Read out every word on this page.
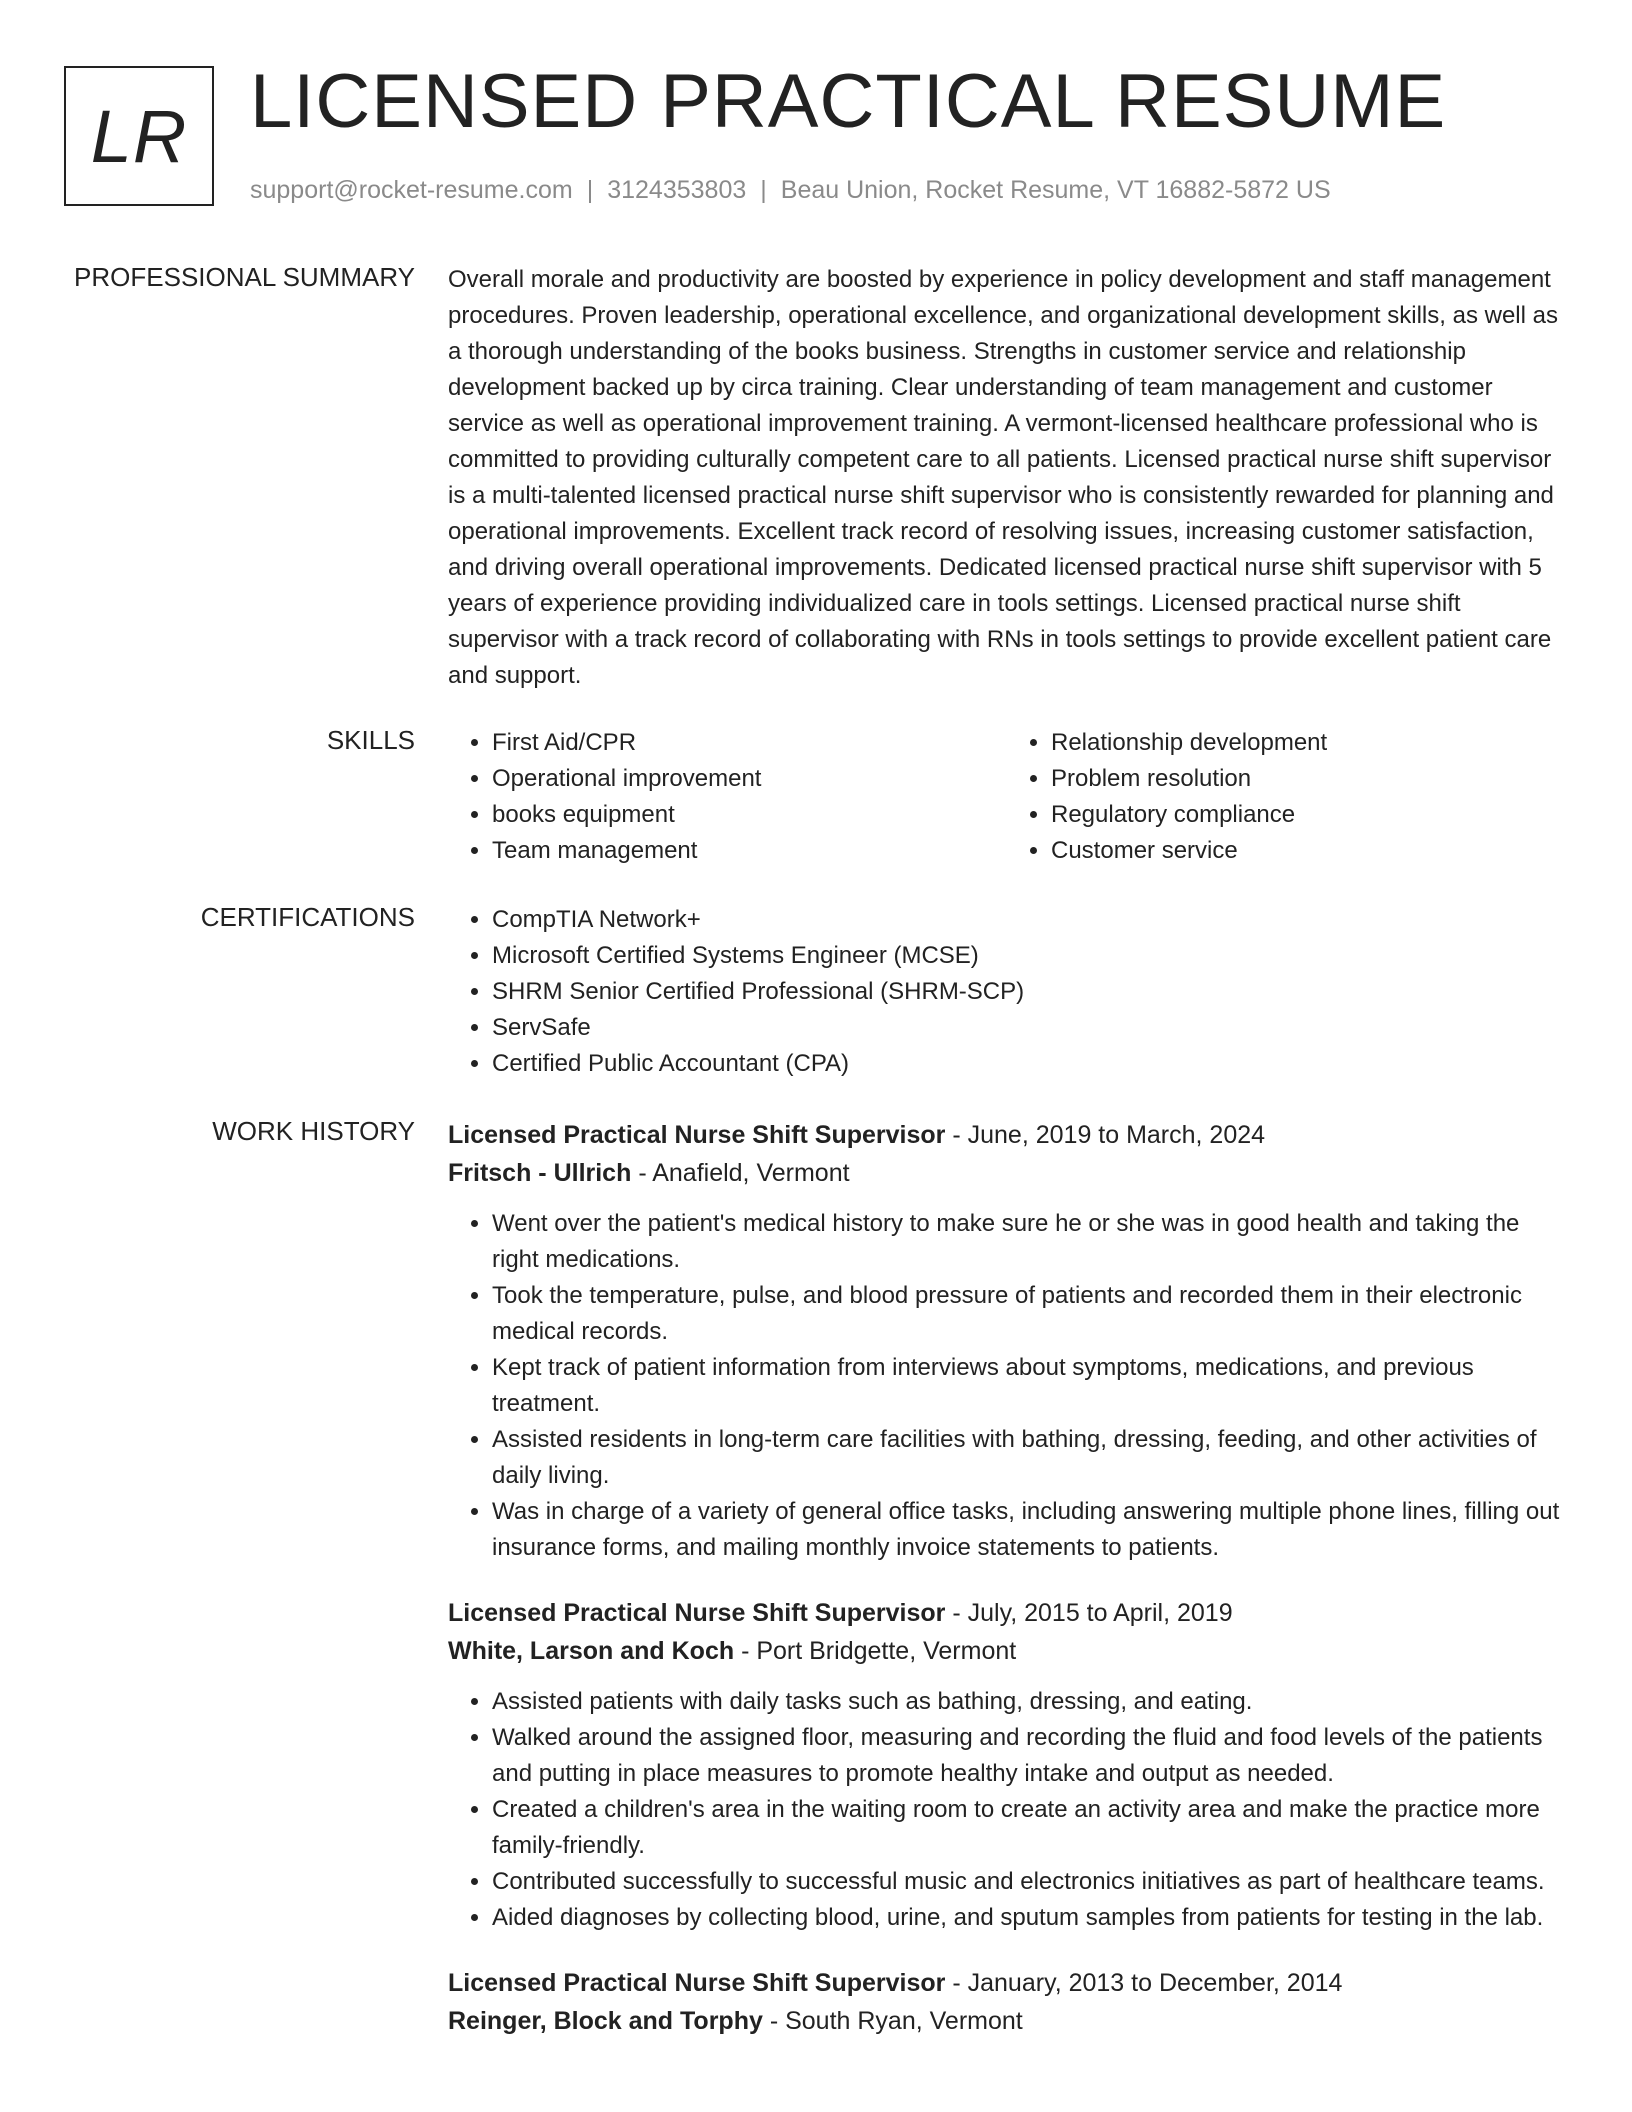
LR LICENSED PRACTICAL RESUME
support@rocket-resume.com | 3124353803 | Beau Union, Rocket Resume, VT 16882-5872 US
PROFESSIONAL SUMMARY Overall morale and productivity are boosted by experience in policy development and staff management procedures. Proven leadership, operational excellence, and organizational development skills, as well as a thorough understanding of the books business. Strengths in customer service and relationship development backed up by circa training. Clear understanding of team management and customer service as well as operational improvement training. A vermont-licensed healthcare professional who is committed to providing culturally competent care to all patients. Licensed practical nurse shift supervisor is a multi-talented licensed practical nurse shift supervisor who is consistently rewarded for planning and operational improvements. Excellent track record of resolving issues, increasing customer satisfaction, and driving overall operational improvements. Dedicated licensed practical nurse shift supervisor with 5 years of experience providing individualized care in tools settings. Licensed practical nurse shift supervisor with a track record of collaborating with RNs in tools settings to provide excellent patient care and support.

SKILLS	• First Aid/CPR
• Operational improvement
• books equipment
• Team management
• Relationship development
• Problem resolution
• Regulatory compliance
• Customer service
CERTIFICATIONS	• CompTIA Network+
• Microsoft Certified Systems Engineer (MCSE)
• SHRM Senior Certified Professional (SHRM-SCP)
• ServSafe
• Certified Public Accountant (CPA)
WORK HISTORY Licensed Practical Nurse Shift Supervisor - June, 2019 to March, 2024
Fritsch - Ullrich - Anafield, Vermont
• Went over the patient's medical history to make sure he or she was in good health and taking the right medications.
• Took the temperature, pulse, and blood pressure of patients and recorded them in their electronic medical records.
• Kept track of patient information from interviews about symptoms, medications, and previous treatment.
• Assisted residents in long-term care facilities with bathing, dressing, feeding, and other activities of daily living.
• Was in charge of a variety of general office tasks, including answering multiple phone lines, filling out insurance forms, and mailing monthly invoice statements to patients.
Licensed Practical Nurse Shift Supervisor - July, 2015 to April, 2019
White, Larson and Koch - Port Bridgette, Vermont
• Assisted patients with daily tasks such as bathing, dressing, and eating.
• Walked around the assigned floor, measuring and recording the fluid and food levels of the patients and putting in place measures to promote healthy intake and output as needed.
• Created a children's area in the waiting room to create an activity area and make the practice more family-friendly.
• Contributed successfully to successful music and electronics initiatives as part of healthcare teams.
• Aided diagnoses by collecting blood, urine, and sputum samples from patients for testing in the lab.
Licensed Practical Nurse Shift Supervisor - January, 2013 to December, 2014
Reinger, Block and Torphy - South Ryan, Vermont
